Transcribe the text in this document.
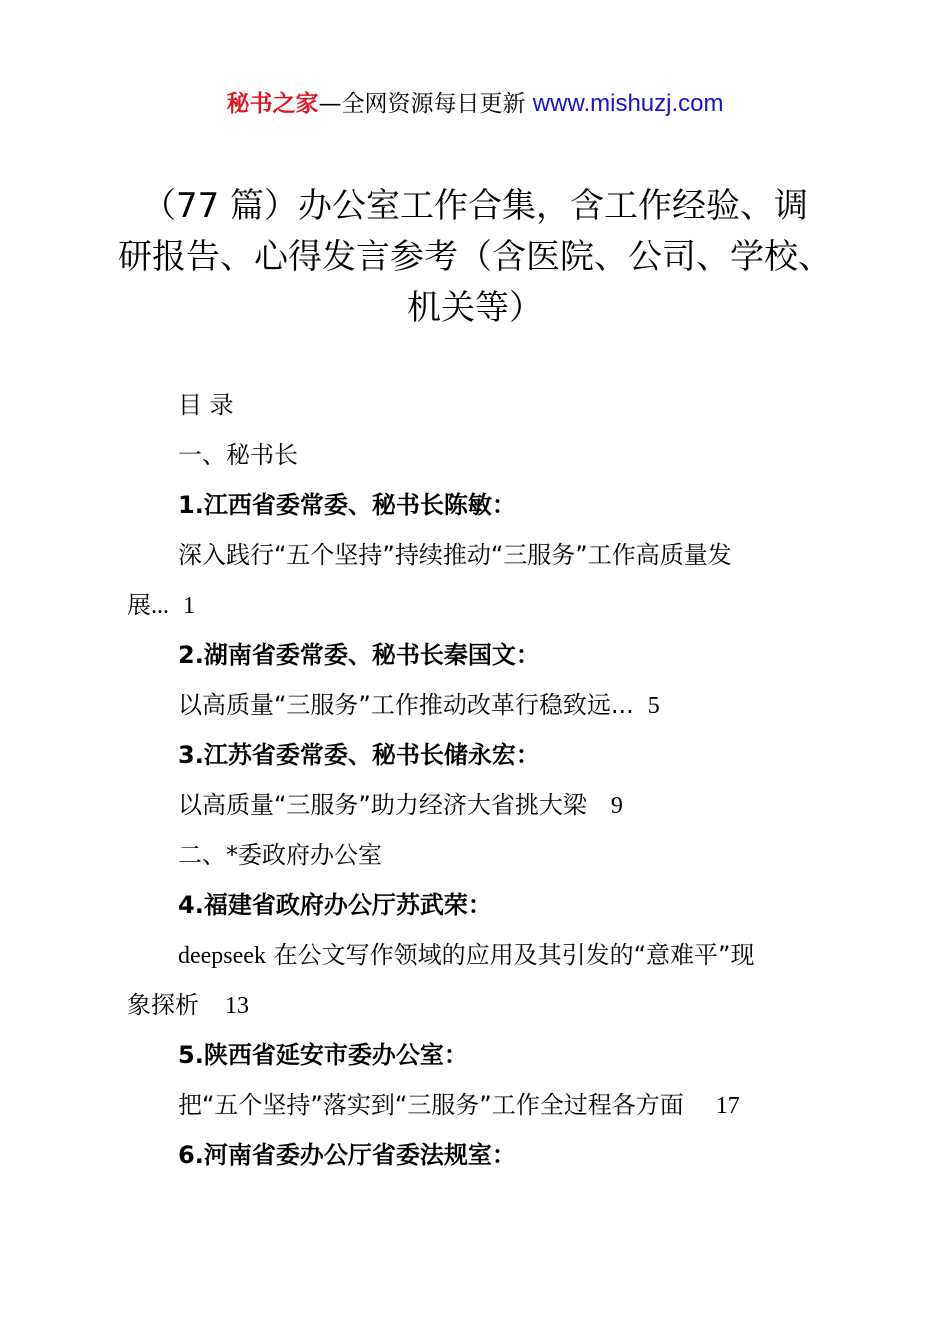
秘书之家—全网资源每日更新 www.mishuzj.com
（77 篇）办公室工作合集，含工作经验、调
研报告、心得发言参考（含医院、公司、学校、
机关等）
目 录
一、秘书长
1.江西省委常委、秘书长陈敏：
深入践行“五个坚持”持续推动“三服务”工作高质量发
展... 1
2.湖南省委常委、秘书长秦国文：
以高质量“三服务”工作推动改革行稳致远... 5
3.江苏省委常委、秘书长储永宏：
以高质量“三服务”助力经济大省挑大梁 9
二、*委政府办公室
4.福建省政府办公厅苏武荣：
deepseek 在公文写作领域的应用及其引发的“意难平”现
象探析 13
5.陕西省延安市委办公室：
把“五个坚持”落实到“三服务”工作全过程各方面 17
6.河南省委办公厅省委法规室：
